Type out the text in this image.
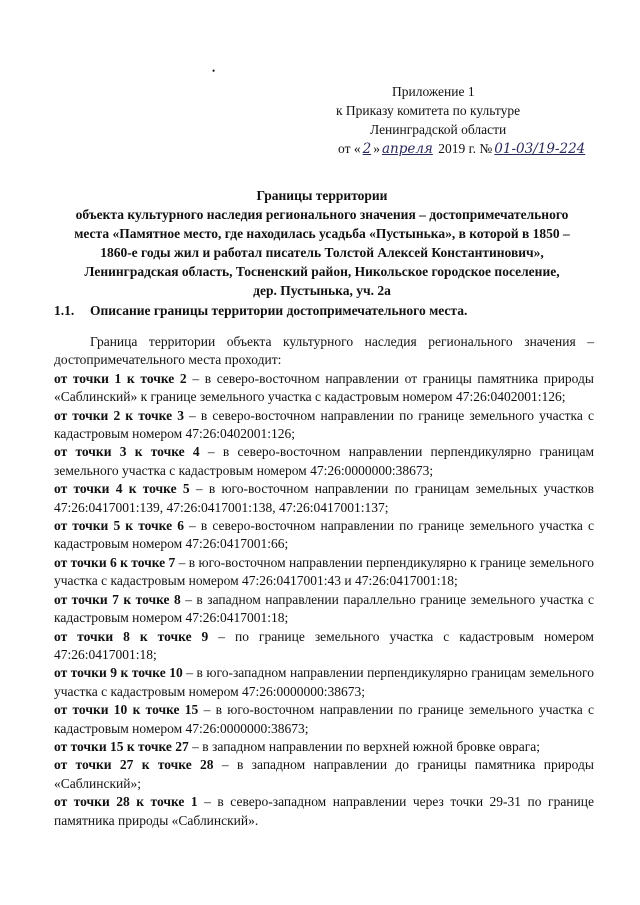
•
Приложение 1
к Приказу комитета по культуре
Ленинградской области
от « 2 » апреля 2019 г. № 01-03/19-224
Границы территории
объекта культурного наследия регионального значения – достопримечательного
места «Памятное место, где находилась усадьба «Пустынька», в которой в 1850 –
1860-е годы жил и работал писатель Толстой Алексей Константинович»,
Ленинградская область, Тосненский район, Никольское городское поселение,
дер. Пустынька, уч. 2а
1.1. Описание границы территории достопримечательного места.

Граница территории объекта культурного наследия регионального значения – достопримечательного места проходит:

от точки 1 к точке 2 – в северо-восточном направлении от границы памятника природы «Саблинский» к границе земельного участка с кадастровым номером 47:26:0402001:126;

от точки 2 к точке 3 – в северо-восточном направлении по границе земельного участка с кадастровым номером 47:26:0402001:126;

от точки 3 к точке 4 – в северо-восточном направлении перпендикулярно границам земельного участка с кадастровым номером 47:26:0000000:38673;

от точки 4 к точке 5 – в юго-восточном направлении по границам земельных участков 47:26:0417001:139, 47:26:0417001:138, 47:26:0417001:137;

от точки 5 к точке 6 – в северо-восточном направлении по границе земельного участка с кадастровым номером 47:26:0417001:66;

от точки 6 к точке 7 – в юго-восточном направлении перпендикулярно к границе земельного участка с кадастровым номером 47:26:0417001:43 и 47:26:0417001:18;

от точки 7 к точке 8 – в западном направлении параллельно границе земельного участка с кадастровым номером 47:26:0417001:18;

от точки 8 к точке 9 – по границе земельного участка с кадастровым номером 47:26:0417001:18;

от точки 9 к точке 10 – в юго-западном направлении перпендикулярно границам земельного участка с кадастровым номером 47:26:0000000:38673;

от точки 10 к точке 15 – в юго-восточном направлении по границе земельного участка с кадастровым номером 47:26:0000000:38673;

от точки 15 к точке 27 – в западном направлении по верхней южной бровке оврага;

от точки 27 к точке 28 – в западном направлении до границы памятника природы «Саблинский»;

от точки 28 к точке 1 – в северо-западном направлении через точки 29-31 по границе памятника природы «Саблинский».
